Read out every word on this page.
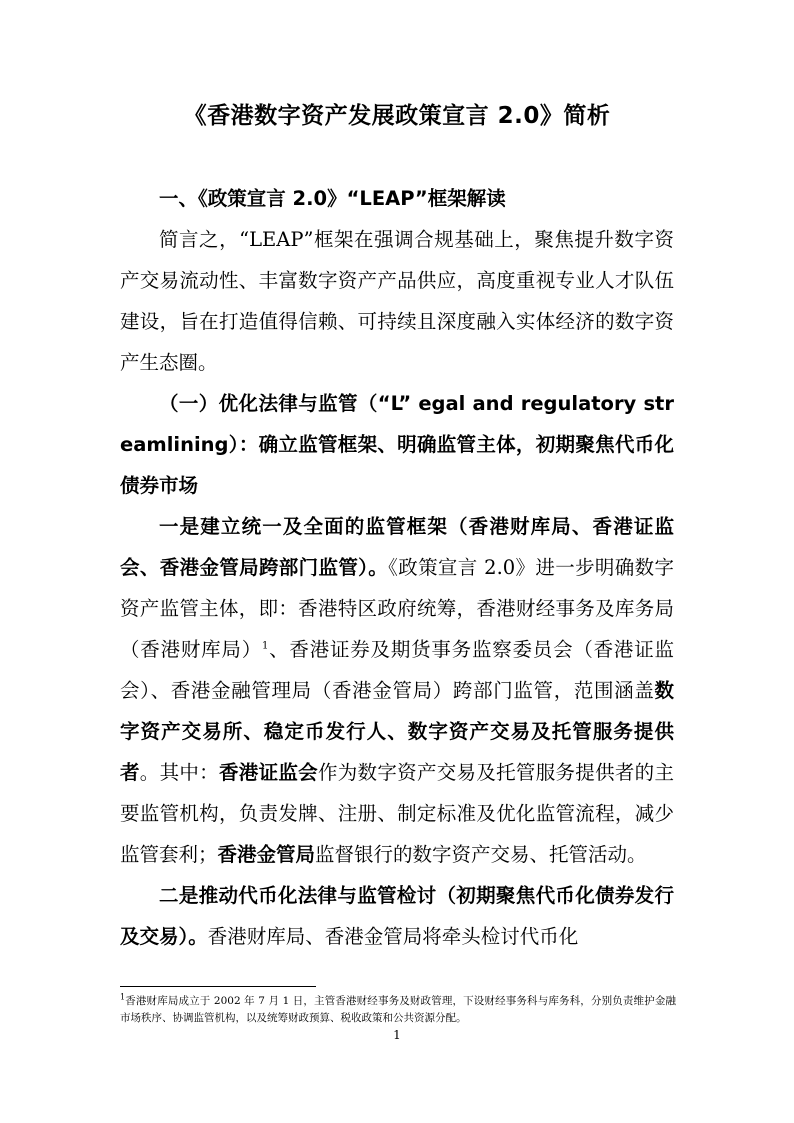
《香港数字资产发展政策宣言 2.0》简析
一、《政策宣言 2.0》“LEAP”框架解读

简言之，“LEAP”框架在强调合规基础上，聚焦提升数字资产交易流动性、丰富数字资产产品供应，高度重视专业人才队伍建设，旨在打造值得信赖、可持续且深度融入实体经济的数字资产生态圈。

（一）优化法律与监管（“L” egal and regulatory streamlining）：确立监管框架、明确监管主体，初期聚焦代币化债券市场

一是建立统一及全面的监管框架（香港财库局、香港证监会、香港金管局跨部门监管）。《政策宣言 2.0》进一步明确数字资产监管主体，即：香港特区政府统筹，香港财经事务及库务局（香港财库局）$^1$、香港证券及期货事务监察委员会（香港证监会）、香港金融管理局（香港金管局）跨部门监管，范围涵盖数字资产交易所、稳定币发行人、数字资产交易及托管服务提供者。其中：香港证监会作为数字资产交易及托管服务提供者的主要监管机构，负责发牌、注册、制定标准及优化监管流程，减少监管套利；香港金管局监督银行的数字资产交易、托管活动。

二是推动代币化法律与监管检讨（初期聚焦代币化债券发行及交易）。香港财库局、香港金管局将牵头检讨代币化

$^1$香港财库局成立于 2002 年 7 月 1 日，主管香港财经事务及财政管理，下设财经事务科与库务科，分别负责维护金融市场秩序、协调监管机构，以及统筹财政预算、税收政策和公共资源分配。
1
